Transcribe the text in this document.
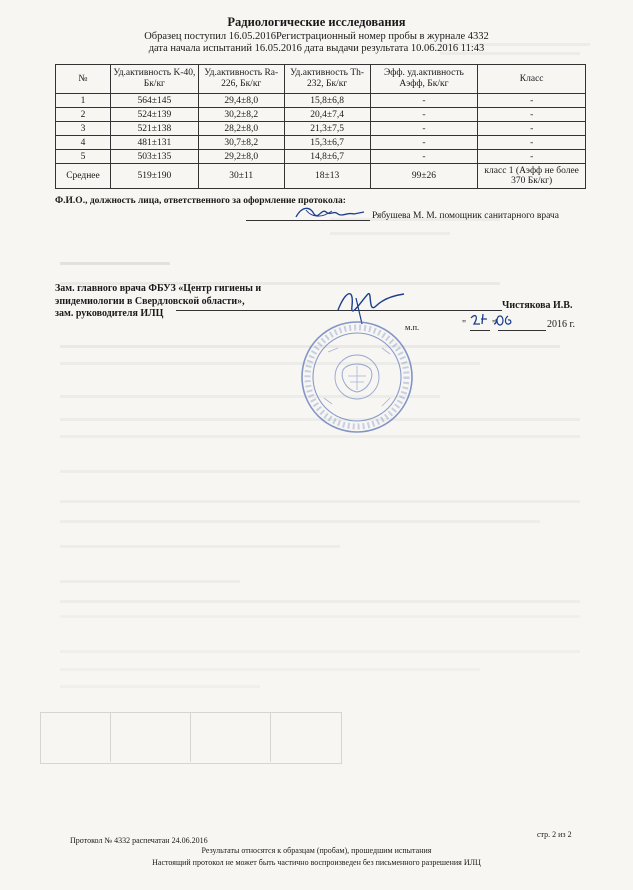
Радиологические исследования
Образец поступил 16.05.2016Регистрационный номер пробы в журнале 4332
дата начала испытаний 16.05.2016 дата выдачи результата 10.06.2016 11:43
№	Уд.активность K-40, Бк/кг	Уд.активность Ra-226, Бк/кг	Уд.активность Th-232, Бк/кг	Эфф. уд.активность Аэфф, Бк/кг	Класс
1	564±145	29,4±8,0	15,8±6,8	-	-
2	524±139	30,2±8,2	20,4±7,4	-	-
3	521±138	28,2±8,0	21,3±7,5	-	-
4	481±131	30,7±8,2	15,3±6,7	-	-
5	503±135	29,2±8,0	14,8±6,7	-	-
Среднее	519±190	30±11	18±13	99±26	класс 1 (Аэфф не более 370 Бк/кг)
Ф.И.О., должность лица, ответственного за оформление протокола:
Рябушева М. М. помощник санитарного врача
Зам. главного врача ФБУЗ «Центр гигиены и
эпидемиологии в Свердловской области»,
зам. руководителя ИЛЦ
Чистякова И.В.
м.п.	"	"	2016 г.
Протокол № 4332 распечатан 24.06.2016
стр. 2 из 2
Результаты относятся к образцам (пробам), прошедшим испытания
Настоящий протокол не может быть частично воспроизведен без письменного разрешения ИЛЦ
